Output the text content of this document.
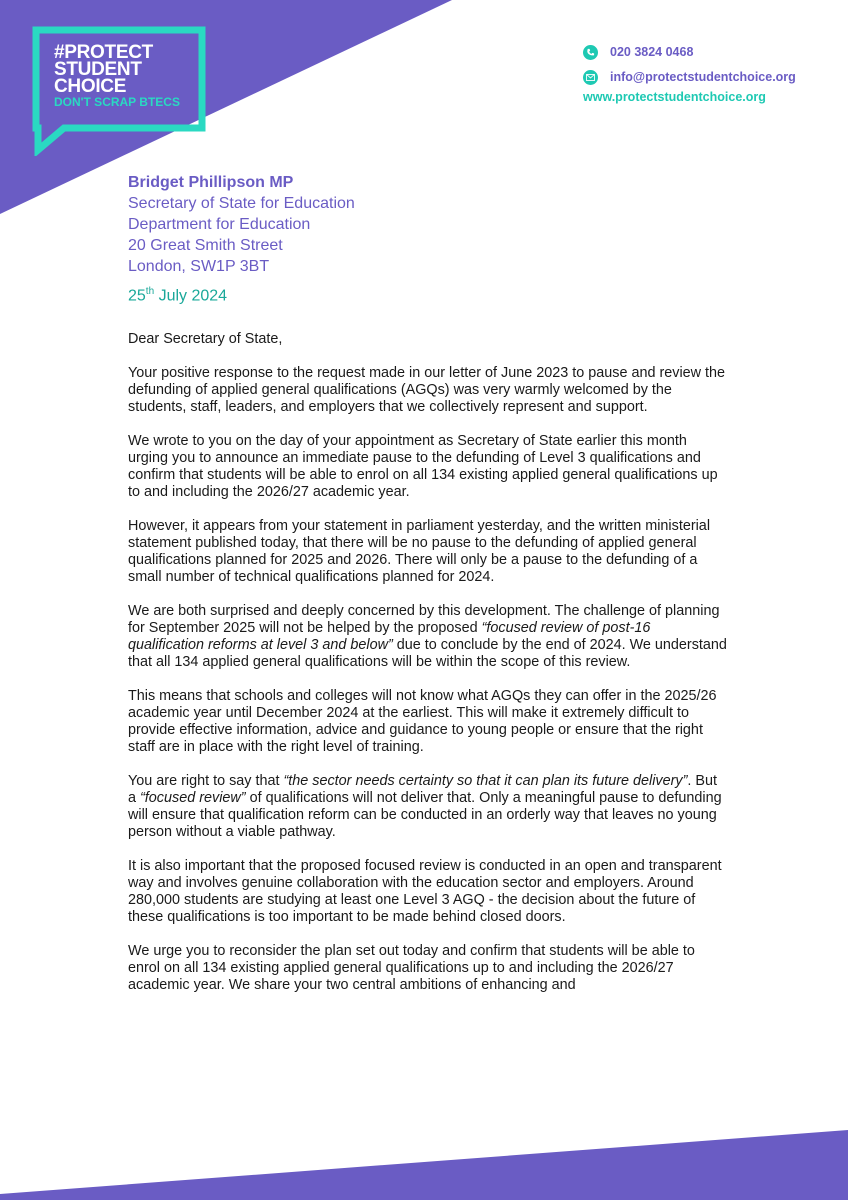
#PROTECT
STUDENT
CHOICE
DON'T SCRAP BTECS
020 3824 0468
info@protectstudentchoice.org
www.protectstudentchoice.org
Bridget Phillipson MP
Secretary of State for Education
Department for Education
20 Great Smith Street
London, SW1P 3BT
25th July 2024

Dear Secretary of State,

Your positive response to the request made in our letter of June 2023 to pause and review the defunding of applied general qualifications (AGQs) was very warmly welcomed by the students, staff, leaders, and employers that we collectively represent and support.

We wrote to you on the day of your appointment as Secretary of State earlier this month urging you to announce an immediate pause to the defunding of Level 3 qualifications and confirm that students will be able to enrol on all 134 existing applied general qualifications up to and including the 2026/27 academic year.

However, it appears from your statement in parliament yesterday, and the written ministerial statement published today, that there will be no pause to the defunding of applied general qualifications planned for 2025 and 2026. There will only be a pause to the defunding of a small number of technical qualifications planned for 2024.

We are both surprised and deeply concerned by this development. The challenge of planning for September 2025 will not be helped by the proposed “focused review of post-16 qualification reforms at level 3 and below” due to conclude by the end of 2024. We understand that all 134 applied general qualifications will be within the scope of this review.

This means that schools and colleges will not know what AGQs they can offer in the 2025/26 academic year until December 2024 at the earliest. This will make it extremely difficult to provide effective information, advice and guidance to young people or ensure that the right staff are in place with the right level of training.

You are right to say that “the sector needs certainty so that it can plan its future delivery”. But a “focused review” of qualifications will not deliver that. Only a meaningful pause to defunding will ensure that qualification reform can be conducted in an orderly way that leaves no young person without a viable pathway.

It is also important that the proposed focused review is conducted in an open and transparent way and involves genuine collaboration with the education sector and employers. Around 280,000 students are studying at least one Level 3 AGQ - the decision about the future of these qualifications is too important to be made behind closed doors.

We urge you to reconsider the plan set out today and confirm that students will be able to enrol on all 134 existing applied general qualifications up to and including the 2026/27 academic year. We share your two central ambitions of enhancing and
